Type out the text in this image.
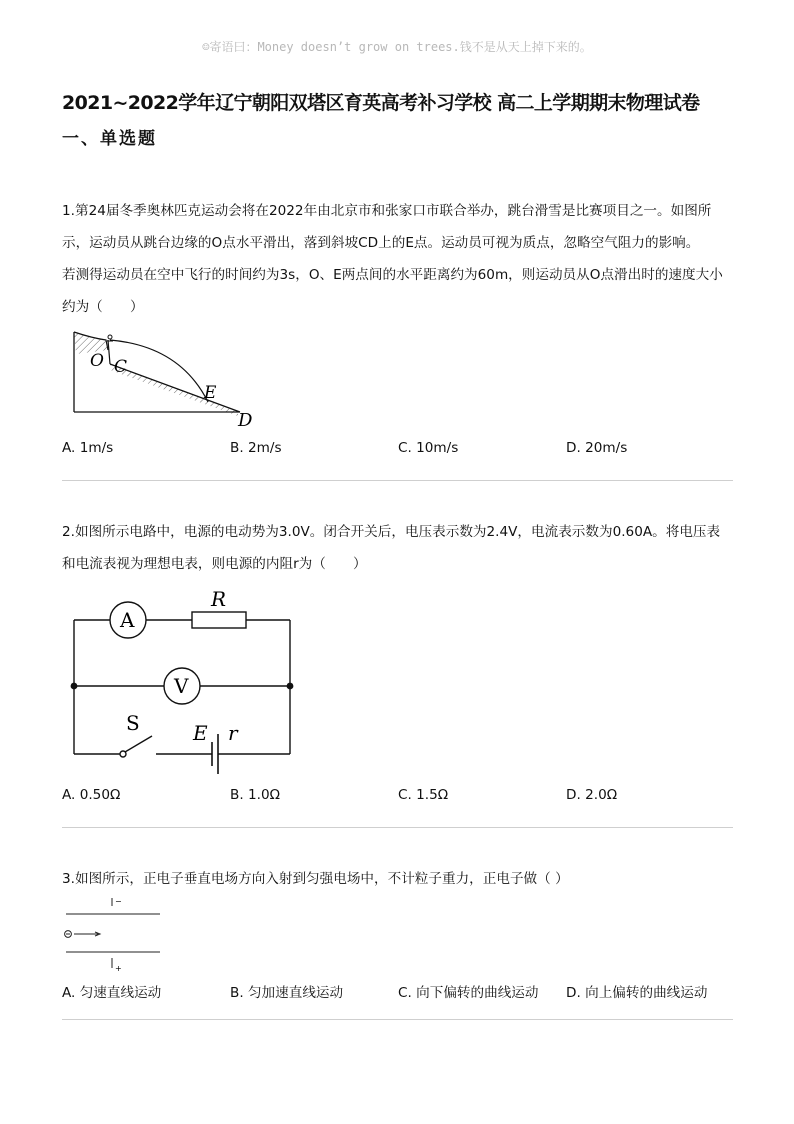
☺寄语曰：Money doesn’t grow on trees.钱不是从天上掉下来的。
2021~2022学年辽宁朝阳双塔区育英高考补习学校 高二上学期期末物理试卷
一、单选题
1.第24届冬季奥林匹克运动会将在2022年由北京市和张家口市联合举办，跳台滑雪是比赛项目之一。如图所
示，运动员从跳台边缘的O点水平滑出，落到斜坡CD上的E点。运动员可视为质点，忽略空气阻力的影响。
若测得运动员在空中飞行的时间约为3s，O、E两点间的水平距离约为60m，则运动员从O点滑出时的速度大小
约为（　　）
O C
E
D
A. 1m/s	B. 2m/s	C. 10m/s	D. 20m/s
2.如图所示电路中，电源的电动势为3.0V。闭合开关后，电压表示数为2.4V，电流表示数为0.60A。将电压表
和电流表视为理想电表，则电源的内阻r为（　　）
A
R
V
S	E r
A. 0.50Ω	B. 1.0Ω	C. 1.5Ω	D. 2.0Ω
3.如图所示，正电子垂直电场方向入射到匀强电场中，不计粒子重力，正电子做（ ）
−
+
A. 匀速直线运动	B. 匀加速直线运动	C. 向下偏转的曲线运动 D. 向上偏转的曲线运动
